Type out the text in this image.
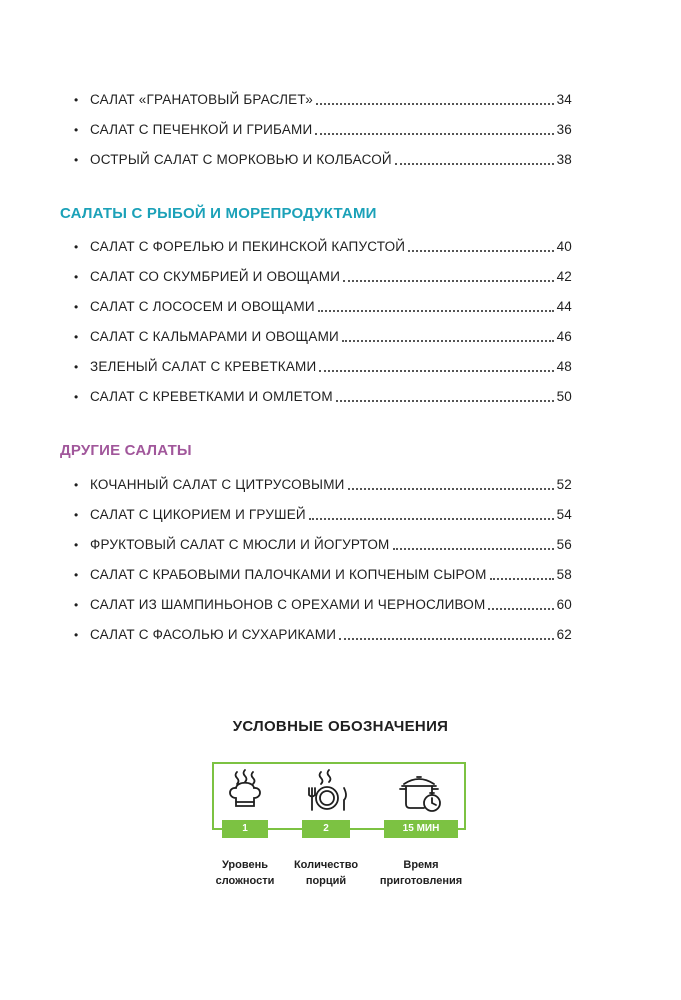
• САЛАТ «ГРАНАТОВЫЙ БРАСЛЕТ»	34
• САЛАТ С ПЕЧЕНКОЙ И ГРИБАМИ	36
• ОСТРЫЙ САЛАТ С МОРКОВЬЮ И КОЛБАСОЙ	38
САЛАТЫ С РЫБОЙ И МОРЕПРОДУКТАМИ
• САЛАТ С ФОРЕЛЬЮ И ПЕКИНСКОЙ КАПУСТОЙ	40
• САЛАТ СО СКУМБРИЕЙ И ОВОЩАМИ	42
• САЛАТ С ЛОСОСЕМ И ОВОЩАМИ	44
• САЛАТ С КАЛЬМАРАМИ И ОВОЩАМИ	46
• ЗЕЛЕНЫЙ САЛАТ С КРЕВЕТКАМИ	48
• САЛАТ С КРЕВЕТКАМИ И ОМЛЕТОМ	50
ДРУГИЕ САЛАТЫ
• КОЧАННЫЙ САЛАТ С ЦИТРУСОВЫМИ	52
• САЛАТ С ЦИКОРИЕМ И ГРУШЕЙ	54
• ФРУКТОВЫЙ САЛАТ С МЮСЛИ И ЙОГУРТОМ	56
• САЛАТ С КРАБОВЫМИ ПАЛОЧКАМИ И КОПЧЕНЫМ СЫРОМ	58
• САЛАТ ИЗ ШАМПИНЬОНОВ С ОРЕХАМИ И ЧЕРНОСЛИВОМ	60
• САЛАТ С ФАСОЛЬЮ И СУХАРИКАМИ	62
УСЛОВНЫЕ ОБОЗНАЧЕНИЯ
1	2	15 МИН
Уровень
сложности
Количество
порций
Время
приготовления
